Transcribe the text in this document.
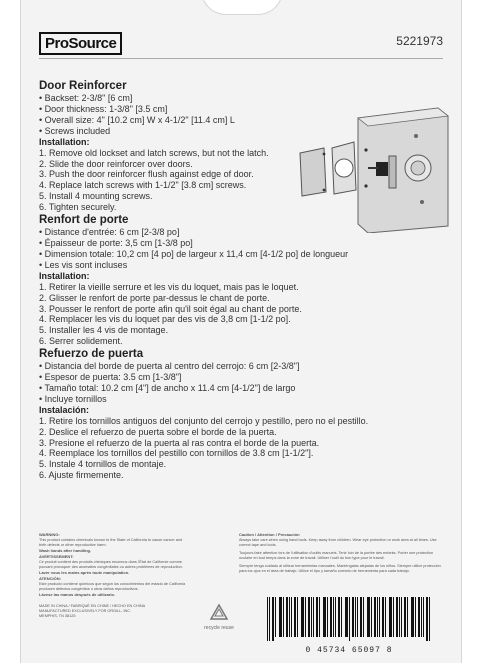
ProSource	5221973
Door Reinforcer
• Backset: 2-3/8" [6 cm]
• Door thickness: 1-3/8" [3.5 cm]
• Overall size: 4" [10.2 cm] W x 4-1/2" [11.4 cm] L
• Screws included
Installation:
1. Remove old lockset and latch screws, but not the latch.
2. Slide the door reinforcer over doors.
3. Push the door reinforcer flush against edge of door.
4. Replace latch screws with 1-1/2" [3.8 cm] screws.
5. Install 4 mounting screws.
6. Tighten securely.
Renfort de porte
• Distance d'entrée: 6 cm [2-3/8 po]
• Épaisseur de porte: 3,5 cm [1-3/8 po]
• Dimension totale: 10,2 cm [4 po] de largeur x 11,4 cm [4-1/2 po] de longueur
• Les vis sont incluses
Installation:
1. Retirer la vieille serrure et les vis du loquet, mais pas le loquet.
2. Glisser le renfort de porte par-dessus le chant de porte.
3. Pousser le renfort de porte afin qu'il soit égal au chant de porte.
4. Remplacer les vis du loquet par des vis de 3,8 cm [1-1/2 po].
5. Installer les 4 vis de montage.
6. Serrer solidement.
Refuerzo de puerta
• Distancia del borde de puerta al centro del cerrojo: 6 cm [2-3/8"]
• Espesor de puerta: 3.5 cm [1-3/8"]
• Tamaño total: 10.2 cm [4"] de ancho x 11.4 cm [4-1/2"] de largo
• Incluye tornillos
Instalación:
1. Retire los tornillos antiguos del conjunto del cerrojo y pestillo, pero no el pestillo.
2. Deslice el refuerzo de puerta sobre el borde de la puerta.
3. Presione el refuerzo de la puerta al ras contra el borde de la puerta.
4. Reemplace los tornillos del pestillo con tornillos de 3.8 cm [1-1/2"].
5. Instale 4 tornillos de montaje.
6. Ajuste firmemente.
WARNING:
This product contains chemicals known to the State of California to cause cancer and birth defects or other reproductive harm.
Wash hands after handling.
AVERTISSEMENT:
Ce produit contient des produits chimiques reconnus dans l'État de Californie comme pouvant provoquer des anomalies congénitales ou autres problèmes de reproduction.
Laver vous les mains après toute manipulation.
ATENCIÓN:
Este producto contiene químicos que según los conocimientos del estado de California producen defectos congénitos u otros daños reproductivos.
Lávese las manos después de utilizarlo.
MADE IN CHINA / FABRIQUÉ EN CHINE / HECHO EN CHINA
MANUFACTURED EXCLUSIVELY FOR ORGILL, INC.
MEMPHIS, TN 38125
Caution / Attention / Precaución
Always take care when using hand tools. Keep away from children. Wear eye protection or work area at all times. Use correct tape and tools.
Toujours faire attention lors de l'utilisation d'outils manuels. Tenir loin de la portée des enfants. Porter une protection oculaire en tout temps dans la zone de travail. Utiliser l'outil du bon type pour le travail.
Siempre tenga cuidado al utilizar herramientas manuales. Manténgalas alejadas de los niños. Siempre utilice protección para los ojos en el área de trabajo. Utilice el tipo y tamaño correcto de herramienta para cada trabajo.
recycle reuse
0 45734 65097 8
